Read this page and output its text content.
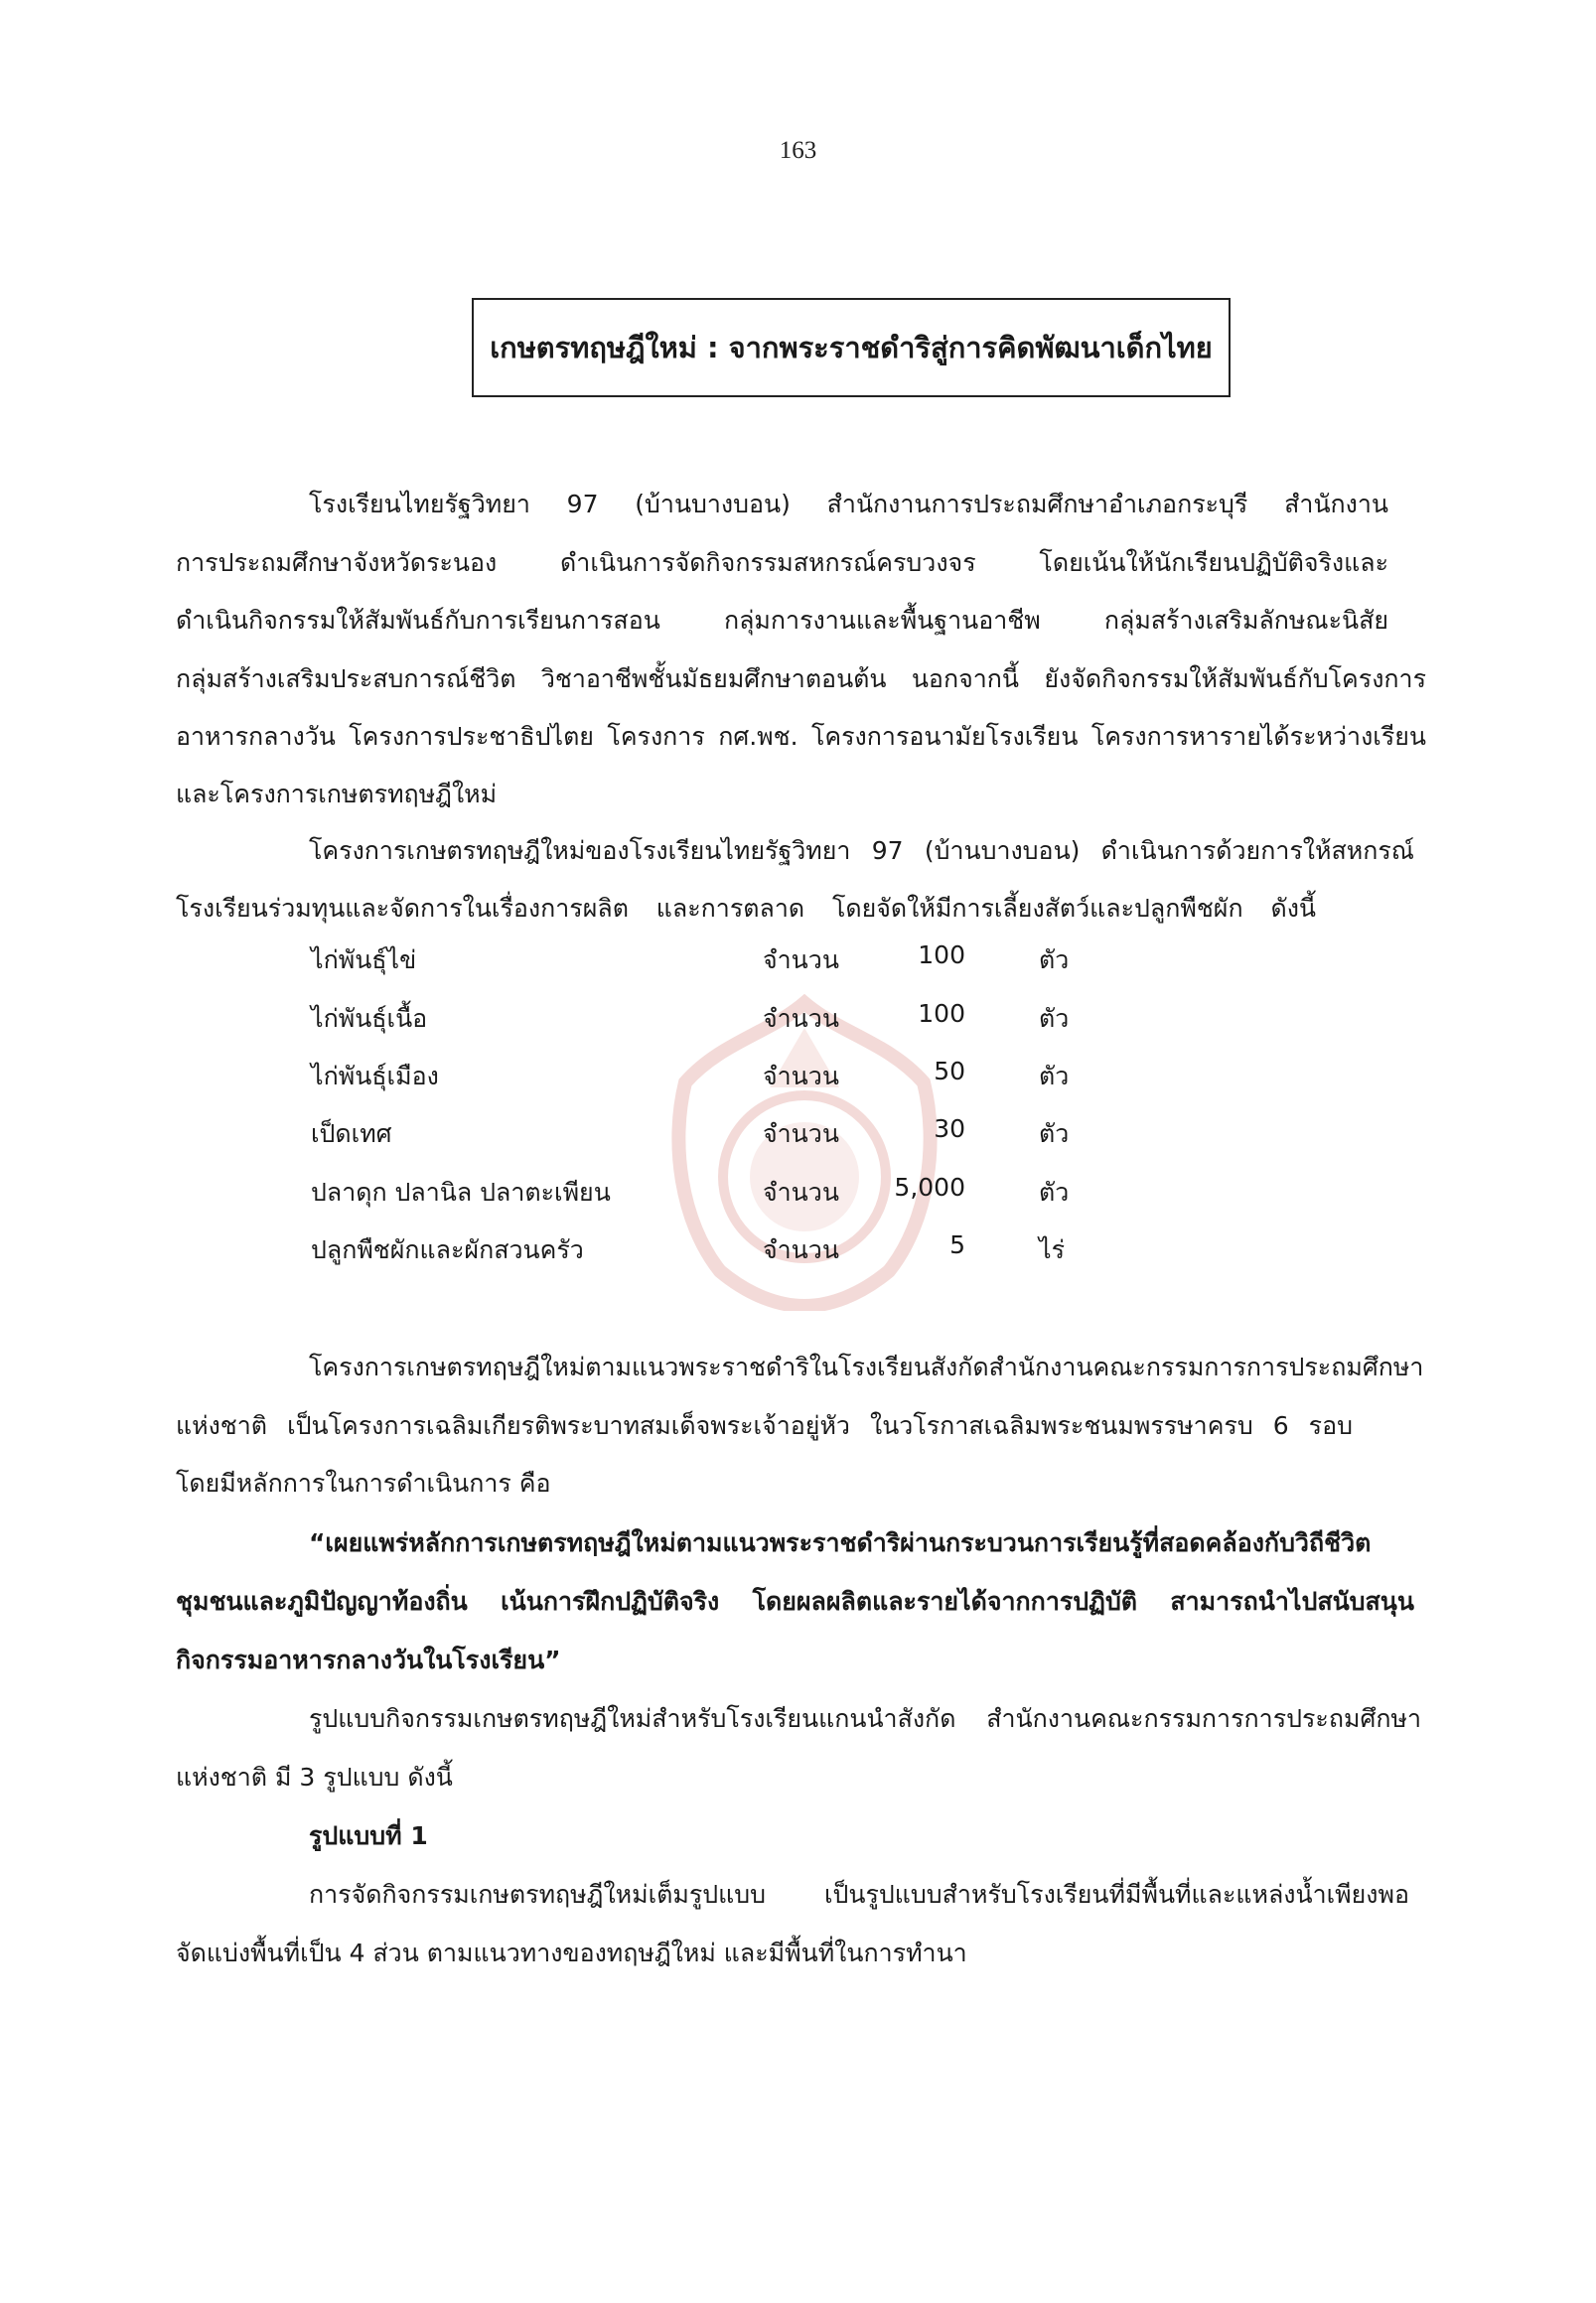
163
เกษตรทฤษฎีใหม่ : จากพระราชดำริสู่การคิดพัฒนาเด็กไทย
โรงเรียนไทยรัฐวิทยา 97 (บ้านบางบอน) สำนักงานการประถมศึกษาอำเภอกระบุรี สำนักงาน
การประถมศึกษาจังหวัดระนอง ดำเนินการจัดกิจกรรมสหกรณ์ครบวงจร โดยเน้นให้นักเรียนปฏิบัติจริงและ
ดำเนินกิจกรรมให้สัมพันธ์กับการเรียนการสอน กลุ่มการงานและพื้นฐานอาชีพ กลุ่มสร้างเสริมลักษณะนิสัย
กลุ่มสร้างเสริมประสบการณ์ชีวิต วิชาอาชีพชั้นมัธยมศึกษาตอนต้น นอกจากนี้ ยังจัดกิจกรรมให้สัมพันธ์กับโครงการ
อาหารกลางวัน โครงการประชาธิปไตย โครงการ กศ.พช. โครงการอนามัยโรงเรียน โครงการหารายได้ระหว่างเรียน
และโครงการเกษตรทฤษฎีใหม่
โครงการเกษตรทฤษฎีใหม่ของโรงเรียนไทยรัฐวิทยา 97 (บ้านบางบอน) ดำเนินการด้วยการให้สหกรณ์
โรงเรียนร่วมทุนและจัดการในเรื่องการผลิต และการตลาด โดยจัดให้มีการเลี้ยงสัตว์และปลูกพืชผัก ดังนี้
ไก่พันธุ์ไข่	จำนวน	100	ตัว
ไก่พันธุ์เนื้อ	จำนวน	100	ตัว
ไก่พันธุ์เมือง	จำนวน	50	ตัว
เป็ดเทศ	จำนวน	30	ตัว
ปลาดุก ปลานิล ปลาตะเพียน	จำนวน	5,000	ตัว
ปลูกพืชผักและผักสวนครัว	จำนวน	5	ไร่
โครงการเกษตรทฤษฎีใหม่ตามแนวพระราชดำริในโรงเรียนสังกัดสำนักงานคณะกรรมการการประถมศึกษา
แห่งชาติ เป็นโครงการเฉลิมเกียรติพระบาทสมเด็จพระเจ้าอยู่หัว ในวโรกาสเฉลิมพระชนมพรรษาครบ 6 รอบ
โดยมีหลักการในการดำเนินการ คือ
“เผยแพร่หลักการเกษตรทฤษฎีใหม่ตามแนวพระราชดำริผ่านกระบวนการเรียนรู้ที่สอดคล้องกับวิถีชีวิต
ชุมชนและภูมิปัญญาท้องถิ่น เน้นการฝึกปฏิบัติจริง โดยผลผลิตและรายได้จากการปฏิบัติ สามารถนำไปสนับสนุน
กิจกรรมอาหารกลางวันในโรงเรียน”
รูปแบบกิจกรรมเกษตรทฤษฎีใหม่สำหรับโรงเรียนแกนนำสังกัด สำนักงานคณะกรรมการการประถมศึกษา
แห่งชาติ มี 3 รูปแบบ ดังนี้
รูปแบบที่ 1
การจัดกิจกรรมเกษตรทฤษฎีใหม่เต็มรูปแบบ เป็นรูปแบบสำหรับโรงเรียนที่มีพื้นที่และแหล่งน้ำเพียงพอ
จัดแบ่งพื้นที่เป็น 4 ส่วน ตามแนวทางของทฤษฎีใหม่ และมีพื้นที่ในการทำนา
